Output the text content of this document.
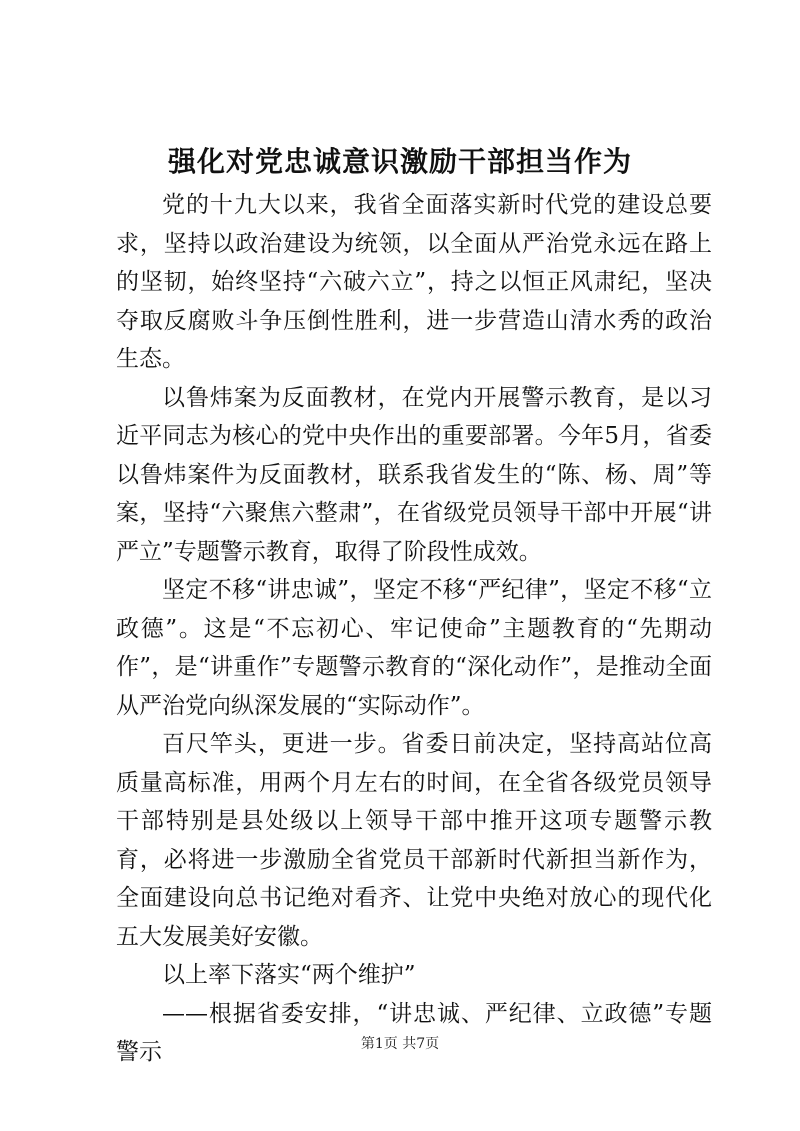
强化对党忠诚意识激励干部担当作为

党的十九大以来，我省全面落实新时代党的建设总要求，坚持以政治建设为统领，以全面从严治党永远在路上的坚韧，始终坚持“六破六立”，持之以恒正风肃纪，坚决夺取反腐败斗争压倒性胜利，进一步营造山清水秀的政治生态。

以鲁炜案为反面教材，在党内开展警示教育，是以习近平同志为核心的党中央作出的重要部署。今年5月，省委以鲁炜案件为反面教材，联系我省发生的“陈、杨、周”等案，坚持“六聚焦六整肃”，在省级党员领导干部中开展“讲严立”专题警示教育，取得了阶段性成效。

坚定不移“讲忠诚”，坚定不移“严纪律”，坚定不移“立政德”。这是“不忘初心、牢记使命”主题教育的“先期动作”，是“讲重作”专题警示教育的“深化动作”，是推动全面从严治党向纵深发展的“实际动作”。

百尺竿头，更进一步。省委日前决定，坚持高站位高质量高标准，用两个月左右的时间，在全省各级党员领导干部特别是县处级以上领导干部中推开这项专题警示教育，必将进一步激励全省党员干部新时代新担当新作为，全面建设向总书记绝对看齐、让党中央绝对放心的现代化五大发展美好安徽。

以上率下落实“两个维护”

——根据省委安排，“讲忠诚、严纪律、立政德”专题警示	第1页 共7页
